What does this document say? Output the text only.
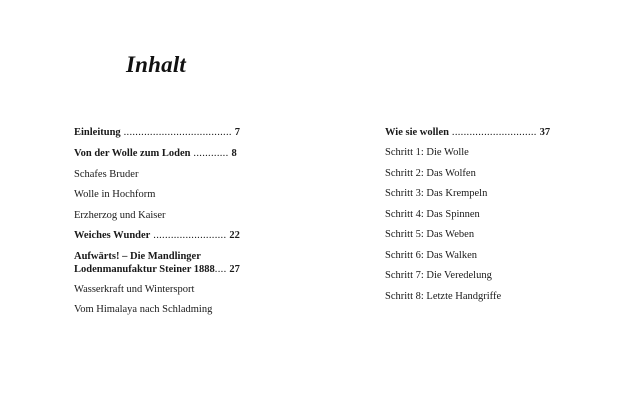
Inhalt
Einleitung ..................................... 7
Von der Wolle zum Loden ............ 8
Schafes Bruder
Wolle in Hochform
Erzherzog und Kaiser
Weiches Wunder ......................... 22
Aufwärts! – Die Mandlinger
Lodenmanufaktur Steiner 1888.... 27
Wasserkraft und Wintersport
Vom Himalaya nach Schladming
Wie sie wollen ............................. 37
Schritt 1: Die Wolle
Schritt 2: Das Wolfen
Schritt 3: Das Krempeln
Schritt 4: Das Spinnen
Schritt 5: Das Weben
Schritt 6: Das Walken
Schritt 7: Die Veredelung
Schritt 8: Letzte Handgriffe
